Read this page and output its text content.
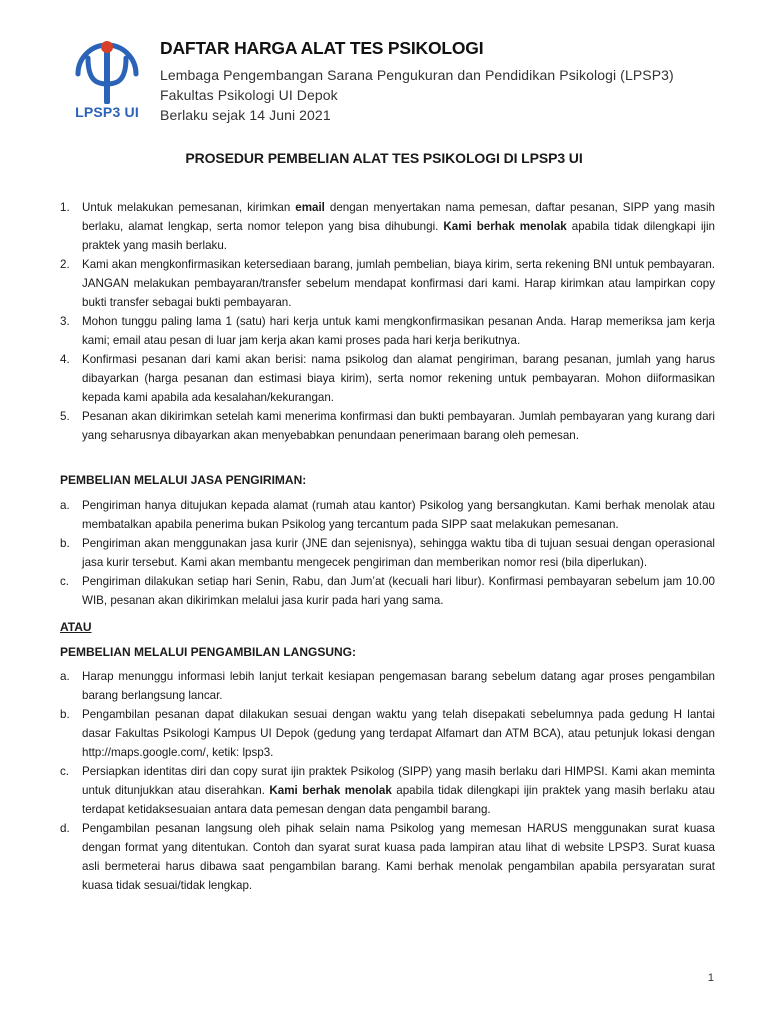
LPSP3 UI
DAFTAR HARGA ALAT TES PSIKOLOGI
Lembaga Pengembangan Sarana Pengukuran dan Pendidikan Psikologi (LPSP3)
Fakultas Psikologi UI Depok
Berlaku sejak 14 Juni 2021
PROSEDUR PEMBELIAN ALAT TES PSIKOLOGI DI LPSP3 UI
1.	Untuk melakukan pemesanan, kirimkan email dengan menyertakan nama pemesan, daftar pesanan, SIPP yang masih berlaku, alamat lengkap, serta nomor telepon yang bisa dihubungi. Kami berhak menolak apabila tidak dilengkapi ijin praktek yang masih berlaku.
2.	Kami akan mengkonfirmasikan ketersediaan barang, jumlah pembelian, biaya kirim, serta rekening BNI untuk pembayaran. JANGAN melakukan pembayaran/transfer sebelum mendapat konfirmasi dari kami. Harap kirimkan atau lampirkan copy bukti transfer sebagai bukti pembayaran.
3.	Mohon tunggu paling lama 1 (satu) hari kerja untuk kami mengkonfirmasikan pesanan Anda. Harap memeriksa jam kerja kami; email atau pesan di luar jam kerja akan kami proses pada hari kerja berikutnya.
4.	Konfirmasi pesanan dari kami akan berisi: nama psikolog dan alamat pengiriman, barang pesanan, jumlah yang harus dibayarkan (harga pesanan dan estimasi biaya kirim), serta nomor rekening untuk pembayaran. Mohon diiformasikan kepada kami apabila ada kesalahan/kekurangan.
5.	Pesanan akan dikirimkan setelah kami menerima konfirmasi dan bukti pembayaran. Jumlah pembayaran yang kurang dari yang seharusnya dibayarkan akan menyebabkan penundaan penerimaan barang oleh pemesan.

PEMBELIAN MELALUI JASA PENGIRIMAN:

a.	Pengiriman hanya ditujukan kepada alamat (rumah atau kantor) Psikolog yang bersangkutan. Kami berhak menolak atau membatalkan apabila penerima bukan Psikolog yang tercantum pada SIPP saat melakukan pemesanan.
b.	Pengiriman akan menggunakan jasa kurir (JNE dan sejenisnya), sehingga waktu tiba di tujuan sesuai dengan operasional jasa kurir tersebut. Kami akan membantu mengecek pengiriman dan memberikan nomor resi (bila diperlukan).
c.	Pengiriman dilakukan setiap hari Senin, Rabu, dan Jum’at (kecuali hari libur). Konfirmasi pembayaran sebelum jam 10.00 WIB, pesanan akan dikirimkan melalui jasa kurir pada hari yang sama.

ATAU

PEMBELIAN MELALUI PENGAMBILAN LANGSUNG:

a.	Harap menunggu informasi lebih lanjut terkait kesiapan pengemasan barang sebelum datang agar proses pengambilan barang berlangsung lancar.
b.	Pengambilan pesanan dapat dilakukan sesuai dengan waktu yang telah disepakati sebelumnya pada gedung H lantai dasar Fakultas Psikologi Kampus UI Depok (gedung yang terdapat Alfamart dan ATM BCA), atau petunjuk lokasi dengan http://maps.google.com/, ketik: lpsp3.
c.	Persiapkan identitas diri dan copy surat ijin praktek Psikolog (SIPP) yang masih berlaku dari HIMPSI. Kami akan meminta untuk ditunjukkan atau diserahkan. Kami berhak menolak apabila tidak dilengkapi ijin praktek yang masih berlaku atau terdapat ketidaksesuaian antara data pemesan dengan data pengambil barang.
d.	Pengambilan pesanan langsung oleh pihak selain nama Psikolog yang memesan HARUS menggunakan surat kuasa dengan format yang ditentukan. Contoh dan syarat surat kuasa pada lampiran atau lihat di website LPSP3. Surat kuasa asli bermeterai harus dibawa saat pengambilan barang. Kami berhak menolak pengambilan apabila persyaratan surat kuasa tidak sesuai/tidak lengkap.
1
